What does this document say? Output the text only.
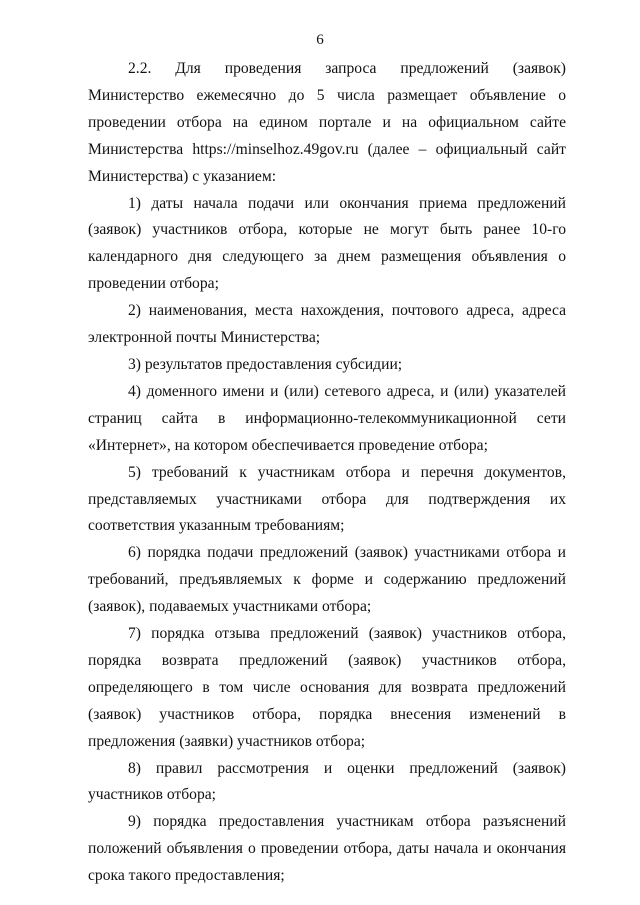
6

2.2. Для проведения запроса предложений (заявок) Министерство ежемесячно до 5 числа размещает объявление о проведении отбора на едином портале и на официальном сайте Министерства https://minselhoz.49gov.ru (далее – официальный сайт Министерства) с указанием:

1) даты начала подачи или окончания приема предложений (заявок) участников отбора, которые не могут быть ранее 10-го календарного дня следующего за днем размещения объявления о проведении отбора;

2) наименования, места нахождения, почтового адреса, адреса электронной почты Министерства;

3) результатов предоставления субсидии;

4) доменного имени и (или) сетевого адреса, и (или) указателей страниц сайта в информационно-телекоммуникационной сети «Интернет», на котором обеспечивается проведение отбора;

5) требований к участникам отбора и перечня документов, представляемых участниками отбора для подтверждения их соответствия указанным требованиям;

6) порядка подачи предложений (заявок) участниками отбора и требований, предъявляемых к форме и содержанию предложений (заявок), подаваемых участниками отбора;

7) порядка отзыва предложений (заявок) участников отбора, порядка возврата предложений (заявок) участников отбора, определяющего в том числе основания для возврата предложений (заявок) участников отбора, порядка внесения изменений в предложения (заявки) участников отбора;

8) правил рассмотрения и оценки предложений (заявок) участников отбора;

9) порядка предоставления участникам отбора разъяснений положений объявления о проведении отбора, даты начала и окончания срока такого предоставления;
